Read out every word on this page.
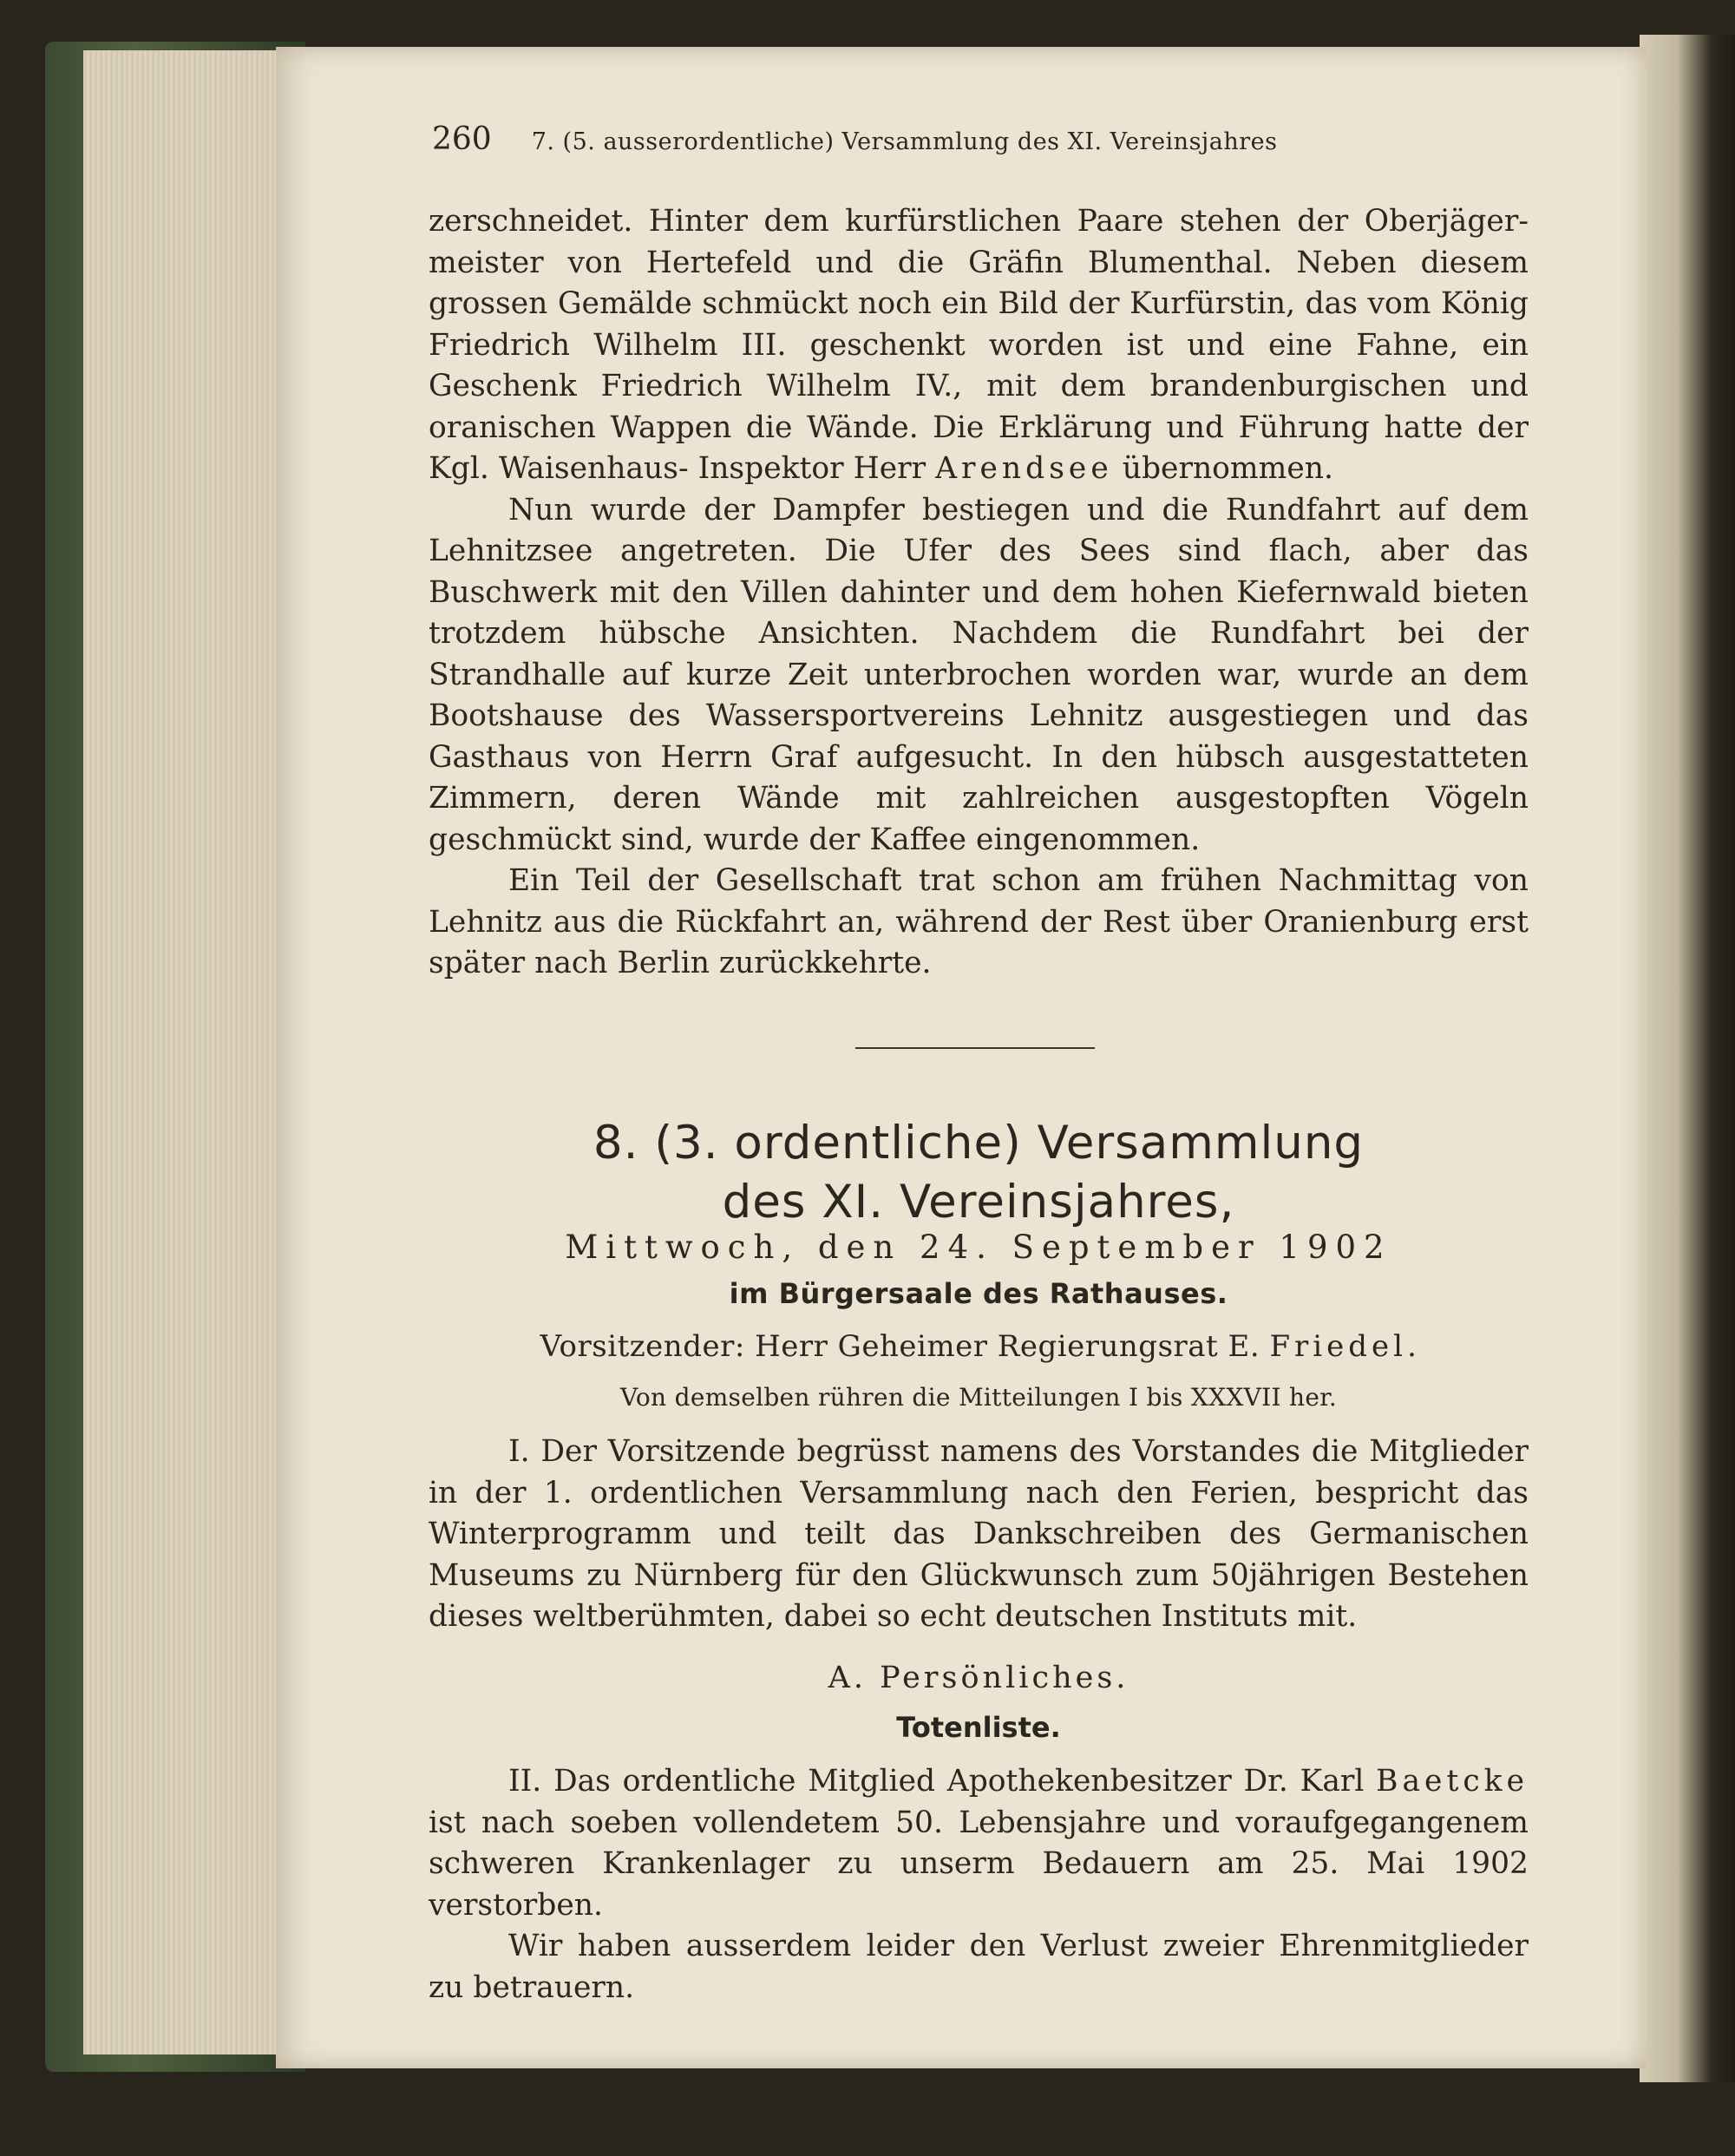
260 7. (5. ausserordentliche) Versammlung des XI. Vereinsjahres

zerschneidet. Hinter dem kurfürstlichen Paare stehen der Oberjäger- meister von Hertefeld und die Gräfin Blumenthal. Neben diesem grossen Gemälde schmückt noch ein Bild der Kurfürstin, das vom König Friedrich Wilhelm III. geschenkt worden ist und eine Fahne, ein Geschenk Friedrich Wilhelm IV., mit dem brandenburgischen und oranischen Wappen die Wände. Die Erklärung und Führung hatte der Kgl. Waisenhaus- Inspektor Herr Arendsee übernommen.

Nun wurde der Dampfer bestiegen und die Rundfahrt auf dem Lehnitzsee angetreten. Die Ufer des Sees sind flach, aber das Buschwerk mit den Villen dahinter und dem hohen Kiefernwald bieten trotzdem hübsche Ansichten. Nachdem die Rundfahrt bei der Strandhalle auf kurze Zeit unterbrochen worden war, wurde an dem Bootshause des Wassersportvereins Lehnitz ausgestiegen und das Gasthaus von Herrn Graf aufgesucht. In den hübsch ausgestatteten Zimmern, deren Wände mit zahlreichen ausgestopften Vögeln geschmückt sind, wurde der Kaffee eingenommen.

Ein Teil der Gesellschaft trat schon am frühen Nachmittag von Lehnitz aus die Rückfahrt an, während der Rest über Oranienburg erst später nach Berlin zurückkehrte.

8. (3. ordentliche) Versammlung
des XI. Vereinsjahres,
Mittwoch, den 24. September 1902
im Bürgersaale des Rathauses.
Vorsitzender: Herr Geheimer Regierungsrat E. Friedel.
Von demselben rühren die Mitteilungen I bis XXXVII her.

I. Der Vorsitzende begrüsst namens des Vorstandes die Mitglieder in der 1. ordentlichen Versammlung nach den Ferien, bespricht das Winterprogramm und teilt das Dankschreiben des Germanischen Museums zu Nürnberg für den Glückwunsch zum 50jährigen Bestehen dieses weltberühmten, dabei so echt deutschen Instituts mit.

A. Persönliches.
Totenliste.

II. Das ordentliche Mitglied Apothekenbesitzer Dr. Karl Baetcke ist nach soeben vollendetem 50. Lebensjahre und voraufgegangenem schweren Krankenlager zu unserm Bedauern am 25. Mai 1902 verstorben.

Wir haben ausserdem leider den Verlust zweier Ehrenmitglieder zu betrauern.
